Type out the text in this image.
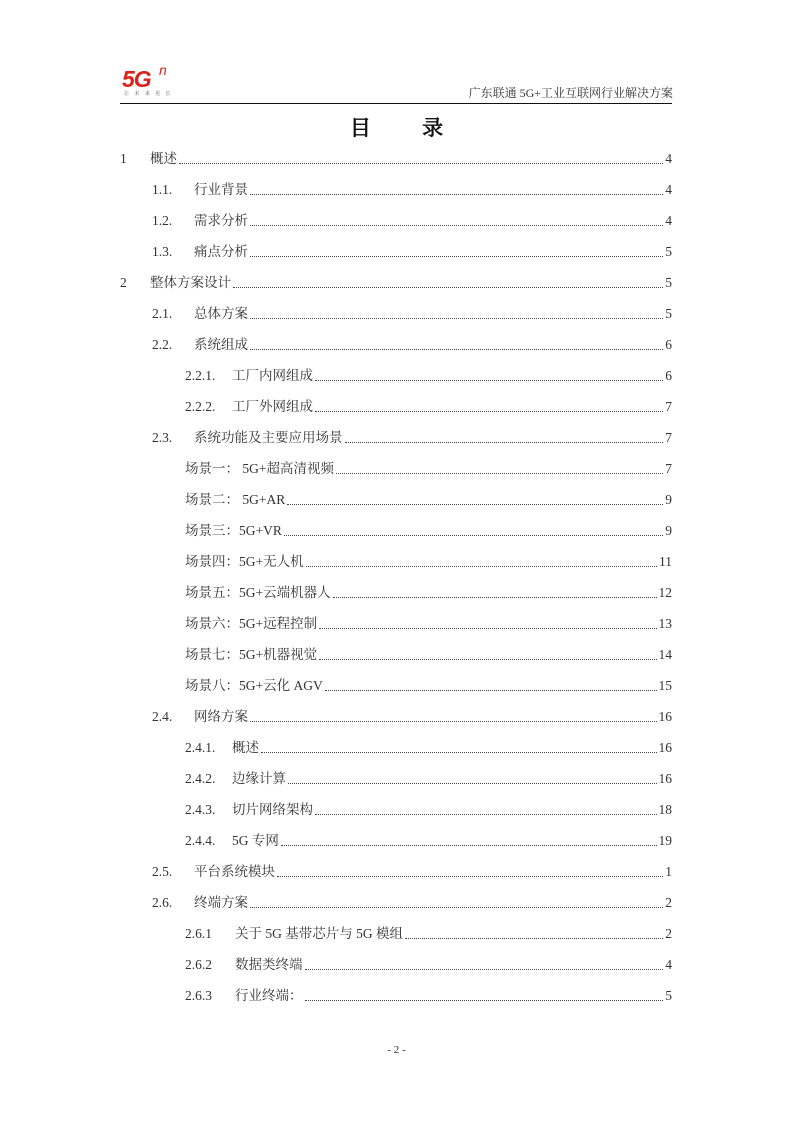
5G n
让 未 来 更 长	广东联通 5G+工业互联网行业解决方案
目 录
1	概述	4
1.1.	行业背景	4
1.2.	需求分析	4
1.3.	痛点分析	5
2	整体方案设计	5
2.1.	总体方案	5
2.2.	系统组成	6
2.2.1.	工厂内网组成	6
2.2.2.	工厂外网组成	7
2.3.	系统功能及主要应用场景	7
场景一： 5G+超高清视频	7
场景二： 5G+AR	9
场景三：5G+VR	9
场景四：5G+无人机	11
场景五：5G+云端机器人	12
场景六：5G+远程控制	13
场景七：5G+机器视觉	14
场景八：5G+云化 AGV	15
2.4.	网络方案	16
2.4.1.	概述	16
2.4.2.	边缘计算	16
2.4.3.	切片网络架构	18
2.4.4.	5G 专网	19
2.5.	平台系统模块	1
2.6.	终端方案	2
2.6.1	关于 5G 基带芯片与 5G 模组	2
2.6.2	数据类终端	4
2.6.3	行业终端：	5
- 2 -
